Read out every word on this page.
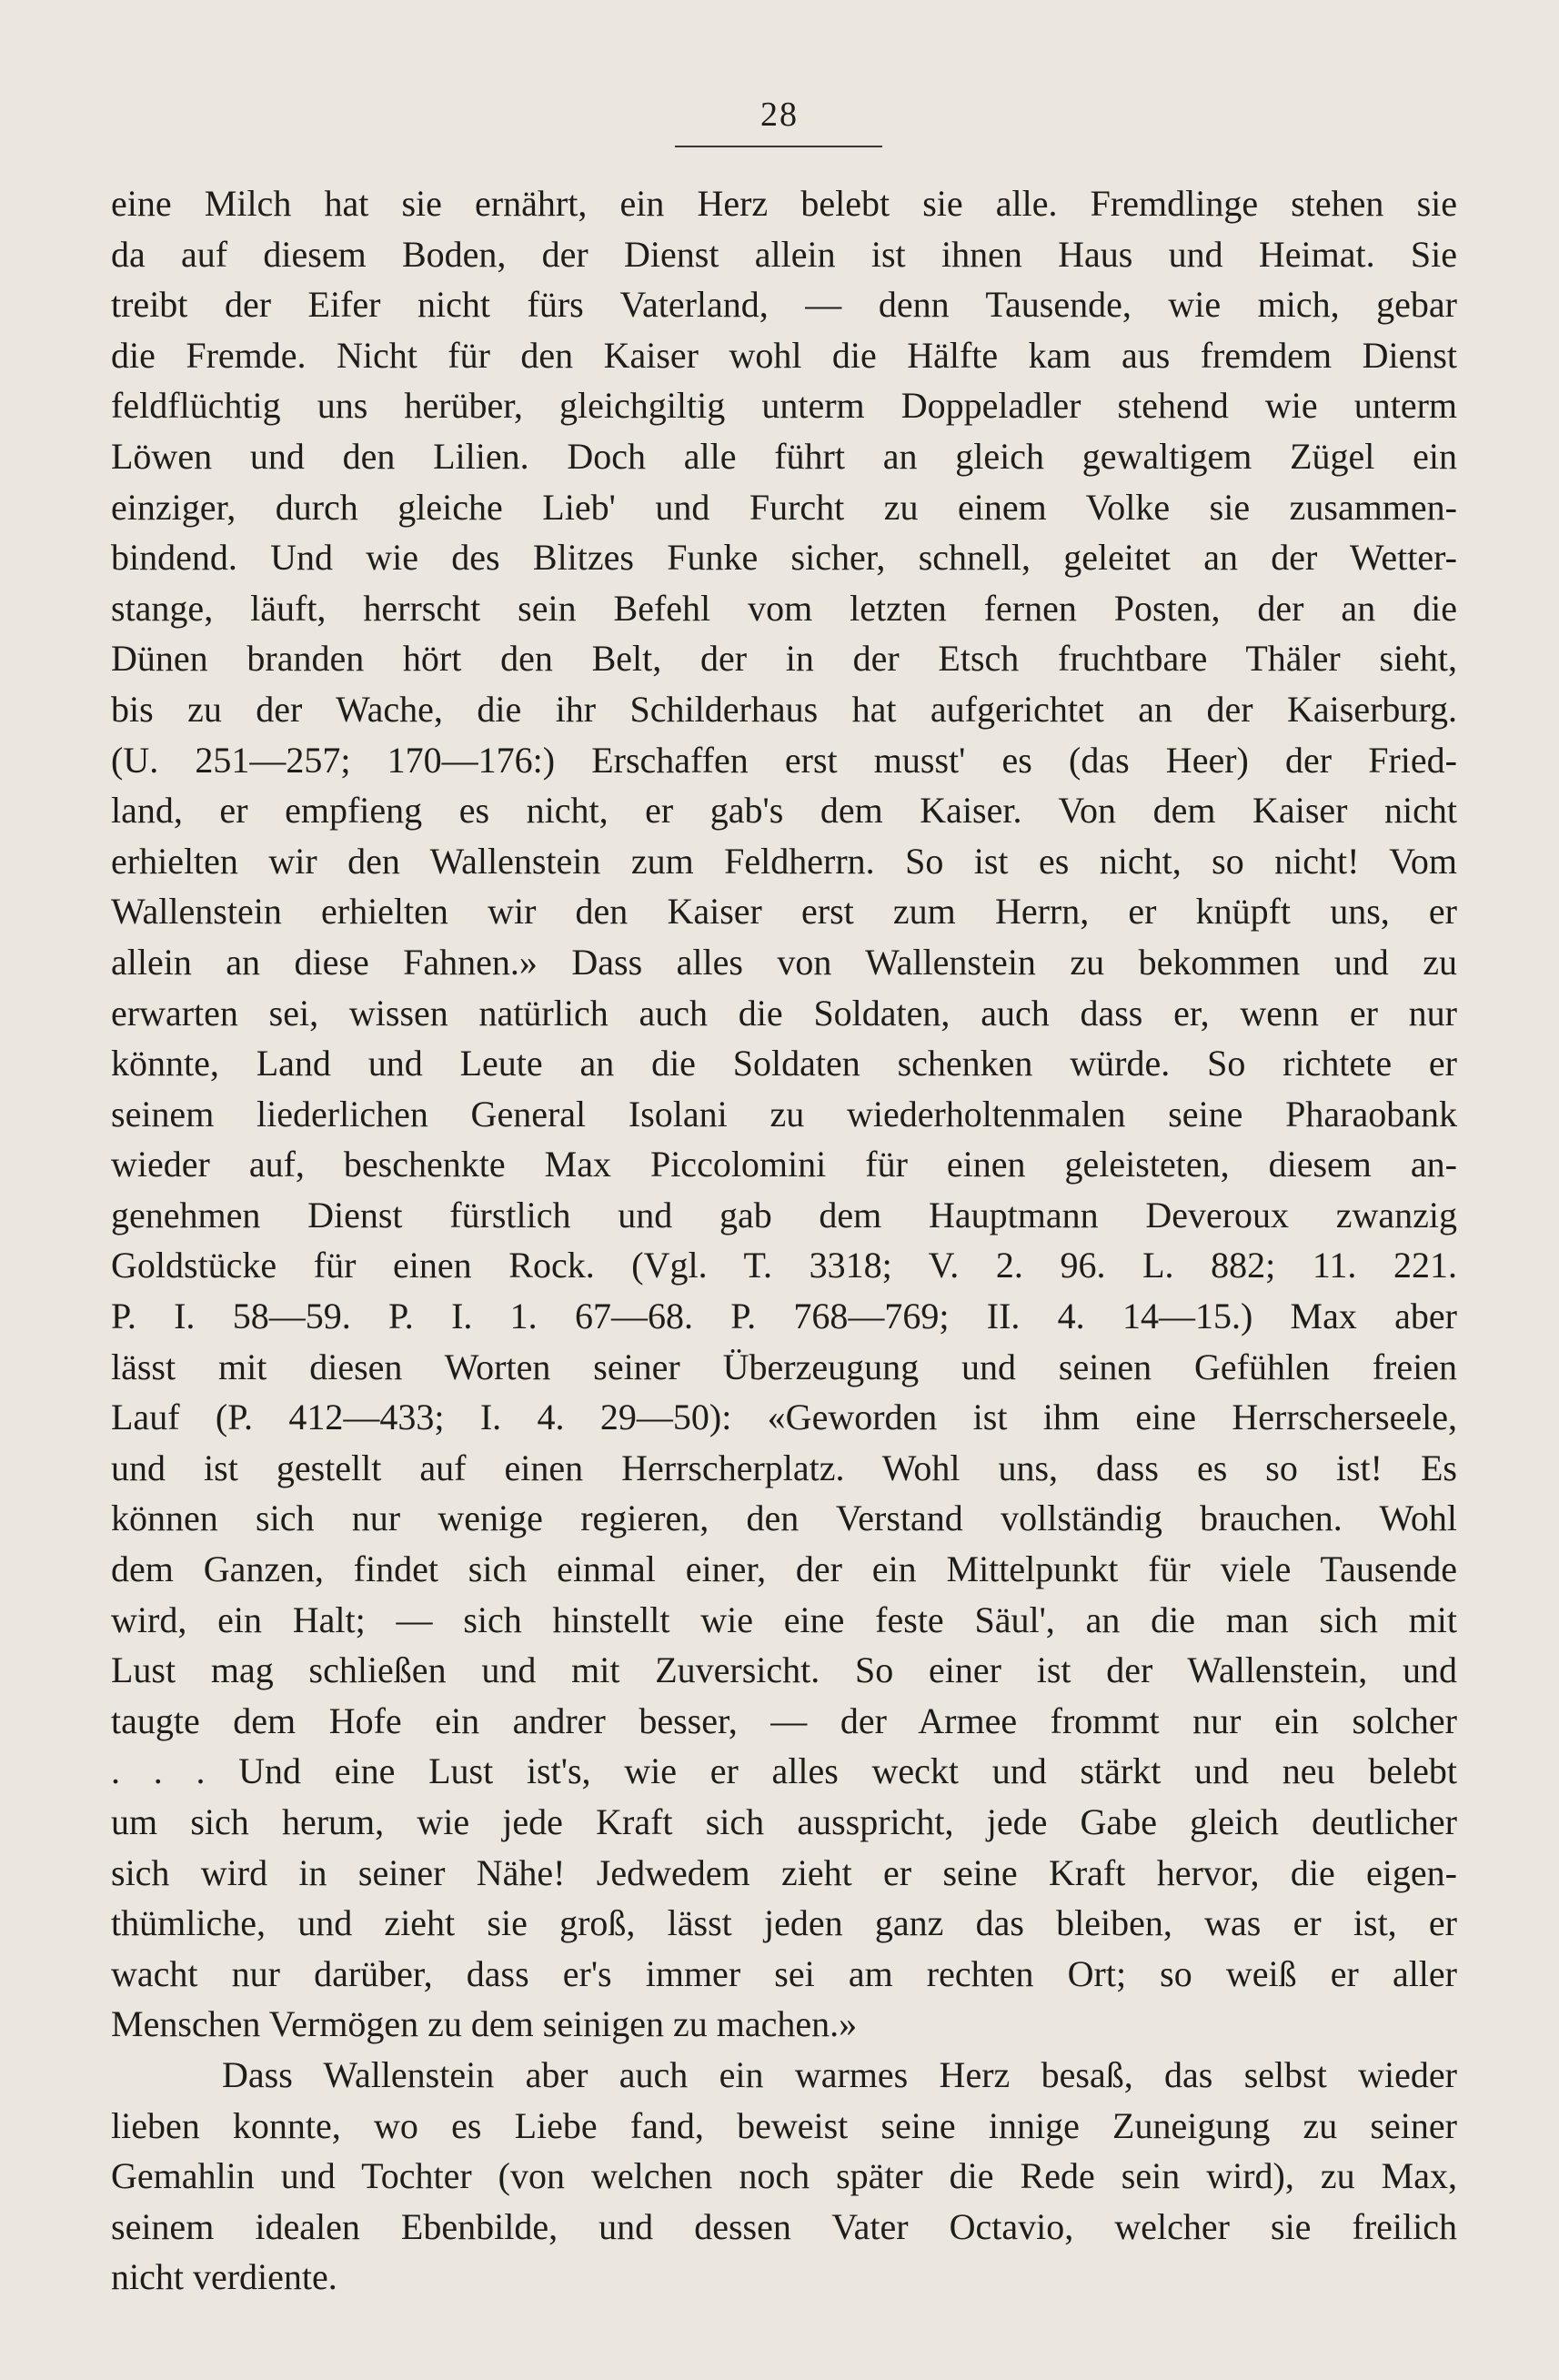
28
eine Milch hat sie ernährt, ein Herz belebt sie alle. Fremdlinge stehen sie
da auf diesem Boden, der Dienst allein ist ihnen Haus und Heimat. Sie
treibt der Eifer nicht fürs Vaterland, — denn Tausende, wie mich, gebar
die Fremde. Nicht für den Kaiser wohl die Hälfte kam aus fremdem Dienst
feldflüchtig uns herüber, gleichgiltig unterm Doppeladler stehend wie unterm
Löwen und den Lilien. Doch alle führt an gleich gewaltigem Zügel ein
einziger, durch gleiche Lieb' und Furcht zu einem Volke sie zusammen-
bindend. Und wie des Blitzes Funke sicher, schnell, geleitet an der Wetter-
stange, läuft, herrscht sein Befehl vom letzten fernen Posten, der an die
Dünen branden hört den Belt, der in der Etsch fruchtbare Thäler sieht,
bis zu der Wache, die ihr Schilderhaus hat aufgerichtet an der Kaiserburg.
(U. 251—257; 170—176:) Erschaffen erst musst' es (das Heer) der Fried-
land, er empfieng es nicht, er gab's dem Kaiser. Von dem Kaiser nicht
erhielten wir den Wallenstein zum Feldherrn. So ist es nicht, so nicht! Vom
Wallenstein erhielten wir den Kaiser erst zum Herrn, er knüpft uns, er
allein an diese Fahnen.» Dass alles von Wallenstein zu bekommen und zu
erwarten sei, wissen natürlich auch die Soldaten, auch dass er, wenn er nur
könnte, Land und Leute an die Soldaten schenken würde. So richtete er
seinem liederlichen General Isolani zu wiederholtenmalen seine Pharaobank
wieder auf, beschenkte Max Piccolomini für einen geleisteten, diesem an-
genehmen Dienst fürstlich und gab dem Hauptmann Deveroux zwanzig
Goldstücke für einen Rock. (Vgl. T. 3318; V. 2. 96. L. 882; 11. 221.
P. I. 58—59. P. I. 1. 67—68. P. 768—769; II. 4. 14—15.) Max aber
lässt mit diesen Worten seiner Überzeugung und seinen Gefühlen freien
Lauf (P. 412—433; I. 4. 29—50): «Geworden ist ihm eine Herrscherseele,
und ist gestellt auf einen Herrscherplatz. Wohl uns, dass es so ist! Es
können sich nur wenige regieren, den Verstand vollständig brauchen. Wohl
dem Ganzen, findet sich einmal einer, der ein Mittelpunkt für viele Tausende
wird, ein Halt; — sich hinstellt wie eine feste Säul', an die man sich mit
Lust mag schließen und mit Zuversicht. So einer ist der Wallenstein, und
taugte dem Hofe ein andrer besser, — der Armee frommt nur ein solcher
. . . Und eine Lust ist's, wie er alles weckt und stärkt und neu belebt
um sich herum, wie jede Kraft sich ausspricht, jede Gabe gleich deutlicher
sich wird in seiner Nähe! Jedwedem zieht er seine Kraft hervor, die eigen-
thümliche, und zieht sie groß, lässt jeden ganz das bleiben, was er ist, er
wacht nur darüber, dass er's immer sei am rechten Ort; so weiß er aller
Menschen Vermögen zu dem seinigen zu machen.»
Dass Wallenstein aber auch ein warmes Herz besaß, das selbst wieder
lieben konnte, wo es Liebe fand, beweist seine innige Zuneigung zu seiner
Gemahlin und Tochter (von welchen noch später die Rede sein wird), zu Max,
seinem idealen Ebenbilde, und dessen Vater Octavio, welcher sie freilich
nicht verdiente.
